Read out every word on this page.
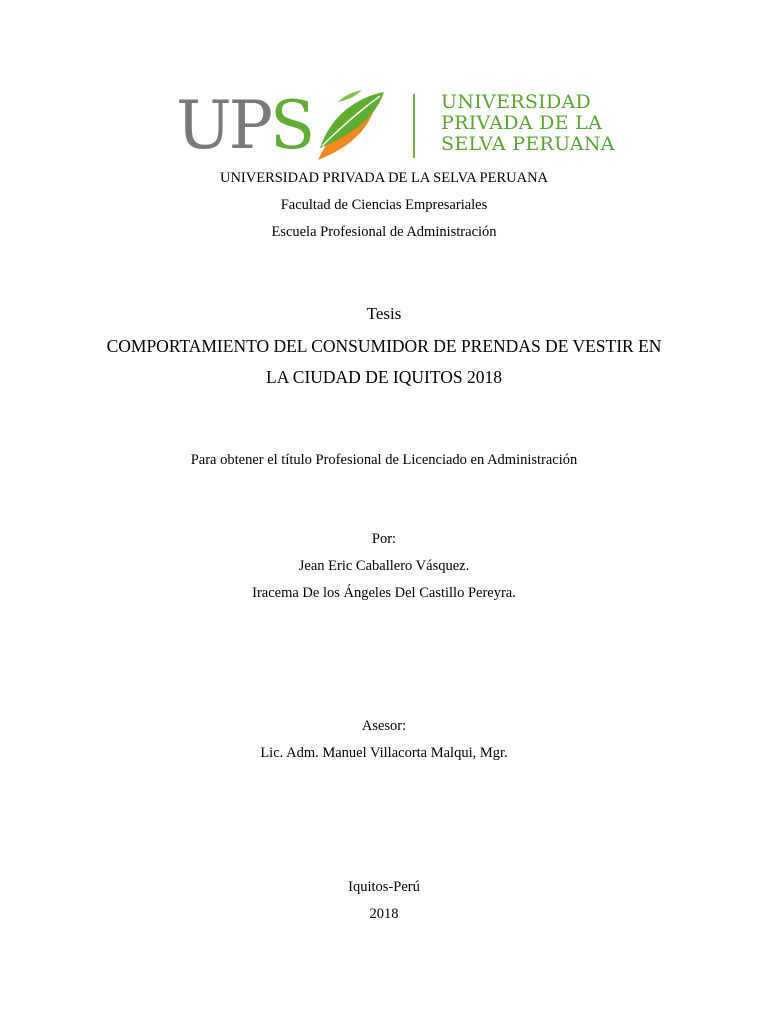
UPS	UNIVERSIDAD
PRIVADA DE LA
SELVA PERUANA
UNIVERSIDAD PRIVADA DE LA SELVA PERUANA
Facultad de Ciencias Empresariales
Escuela Profesional de Administración
Tesis
COMPORTAMIENTO DEL CONSUMIDOR DE PRENDAS DE VESTIR EN
LA CIUDAD DE IQUITOS 2018
Para obtener el título Profesional de Licenciado en Administración
Por:
Jean Eric Caballero Vásquez.
Iracema De los Ángeles Del Castillo Pereyra.
Asesor:
Lic. Adm. Manuel Villacorta Malqui, Mgr.
Iquitos-Perú
2018
